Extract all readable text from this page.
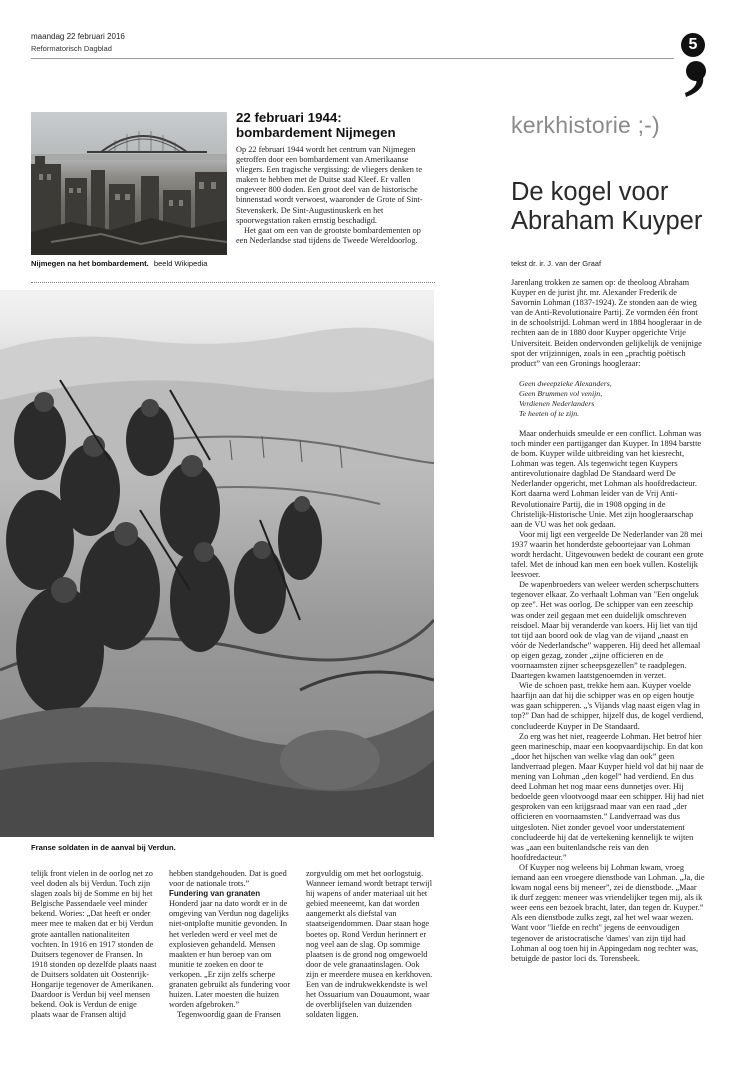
maandag 22 februari 2016
Reformatorisch Dagblad	5
Nijmegen na het bombardement. beeld Wikipedia
22 februari 1944:
bombardement Nijmegen

Op 22 februari 1944 wordt het centrum van Nijmegen getroffen door een bombardement van Amerikaanse vliegers. Een tragische vergissing: de vliegers denken te maken te hebben met de Duitse stad Kleef. Er vallen ongeveer 800 doden. Een groot deel van de historische binnenstad wordt verwoest, waaronder de Grote of Sint-Stevenskerk. De Sint-Augustinuskerk en het spoorwegstation raken ernstig beschadigd.

Het gaat om een van de grootste bombardementen op een Nederlandse stad tijdens de Tweede Wereldoorlog.

Franse soldaten in de aanval bij Verdun.

telijk front vielen in de oorlog net zo veel doden als bij Verdun. Toch zijn slagen zoals bij de Somme en bij het Belgische Passendaele veel minder bekend. Wories: „Dat heeft er onder meer mee te maken dat er bij Verdun grote aantallen nationaliteiten vochten. In 1916 en 1917 stonden de Duitsers tegenover de Fransen. In 1918 stonden op dezelfde plaats naast de Duitsers soldaten uit Oostenrijk-Hongarije tegenover de Amerikanen. Daardoor is Verdun bij veel mensen bekend. Ook is Verdun de enige plaats waar de Fransen altijd

hebben standgehouden. Dat is goed voor de nationale trots.”

Fundering van granaten

Honderd jaar na dato wordt er in de omgeving van Verdun nog dagelijks niet-ontplofte munitie gevonden. In het verleden werd er veel met de explosieven gehandeld. Mensen maakten er hun beroep van om munitie te zoeken en door te verkopen. „Er zijn zelfs scherpe granaten gebruikt als fundering voor huizen. Later moesten die huizen worden afgebroken.”

Tegenwoordig gaan de Fransen

zorgvuldig om met het oorlogstuig. Wanneer iemand wordt betrapt terwijl hij wapens of ander materiaal uit het gebied meeneemt, kan dat worden aangemerkt als diefstal van staatseigendommen. Daar staan hoge boetes op. Rond Verdun herinnert er nog veel aan de slag. Op sommige plaatsen is de grond nog omgewoeld door de vele granaatinslagen. Ook zijn er meerdere musea en kerkhoven. Een van de indrukwekkendste is wel het Ossuarium van Douaumont, waar de overblijfselen van duizenden soldaten liggen.

kerkhistorie ;-)
De kogel voor
Abraham Kuyper
tekst dr. ir. J. van der Graaf

Jarenlang trokken ze samen op: de theoloog Abraham Kuyper en de jurist jhr. mr. Alexander Frederik de Savornin Lohman (1837-1924). Ze stonden aan de wieg van de Anti-Revolutionaire Partij. Ze vormden één front in de schoolstrijd. Lohman werd in 1884 hoogleraar in de rechten aan de in 1880 door Kuyper opgerichte Vrije Universiteit. Beiden ondervonden gelijkelijk de venijnige spot der vrijzinnigen, zoals in een „prachtig poëtisch product” van een Gronings hoogleraar:

Geen dweepzieke Alexanders,
Geen Brummen vol venijn,
Verdienen Nederlanders
Te heeten of te zijn.

Maar onderhuids smeulde er een conflict. Lohman was toch minder een partijganger dan Kuyper. In 1894 barstte de bom. Kuyper wilde uitbreiding van het kiesrecht, Lohman was tegen. Als tegenwicht tegen Kuypers antirevolutionaire dagblad De Standaard werd De Nederlander opgericht, met Lohman als hoofdredacteur. Kort daarna werd Lohman leider van de Vrij Anti-Revolutionaire Partij, die in 1908 opging in de Christelijk-Historische Unie. Met zijn hoogleraarschap aan de VU was het ook gedaan.

Voor mij ligt een vergeelde De Nederlander van 28 mei 1937 waarin het honderdste geboortejaar van Lohman wordt herdacht. Uitgevouwen bedekt de courant een grote tafel. Met de inhoud kan men een boek vullen. Kostelijk leesvoer.

De wapenbroeders van weleer werden scherpschutters tegenover elkaar. Zo verhaalt Lohman van "Een ongeluk op zee". Het was oorlog. De schipper van een zeeschip was onder zeil gegaan met een duidelijk omschreven reisdoel. Maar bij veranderde van koers. Hij liet van tijd tot tijd aan boord ook de vlag van de vijand „naast en vóór de Nederlandsche” wapperen. Hij deed het allemaal op eigen gezag, zonder „zijne officieren en de voornaamsten zijner scheepsgezellen” te raadplegen. Daartegen kwamen laatstgenoemden in verzet.

Wie de schoen past, trekke hem aan. Kuyper voelde haarfijn aan dat hij die schipper was en op eigen houtje was gaan schipperen. „'s Vijands vlag naast eigen vlag in top?” Dan had de schipper, hijzelf dus, de kogel verdiend, concludeerde Kuyper in De Standaard.

Zo erg was het niet, reageerde Lohman. Het betrof hier geen marineschip, maar een koopvaardijschip. En dat kon „door het hijschen van welke vlag dan ook” geen landverraad plegen. Maar Kuyper hield vol dat hij naar de mening van Lohman „den kogel” had verdiend. En dus deed Lohman het nog maar eens dunnetjes over. Hij bedoelde geen vlootvoogd maar een schipper. Hij had niet gesproken van een krijgsraad maar van een raad „der officieren en voornaamsten.” Landverraad was dus uitgesloten. Niet zonder gevoel voor understatement concludeerde hij dat de vertekening kennelijk te wijten was „aan een buitenlandsche reis van den hoofdredacteur.”

Of Kuyper nog weleens bij Lohman kwam, vroeg iemand aan een vroegere dienstbode van Lohman. „Ja, die kwam nogal eens bij meneer”, zei de dienstbode. „Maar ik durf zeggen: meneer was vriendelijker tegen mij, als ik weer eens een bezoek bracht, later, dan tegen dr. Kuyper.” Als een dienstbode zulks zegt, zal het wel waar wezen. Want voor "liefde en recht" jegens de eenvoudigen tegenover de aristocratische 'dames' van zijn tijd had Lohman al oog toen hij in Appingedam nog rechter was, betuigde de pastor loci ds. Torensbeek.
